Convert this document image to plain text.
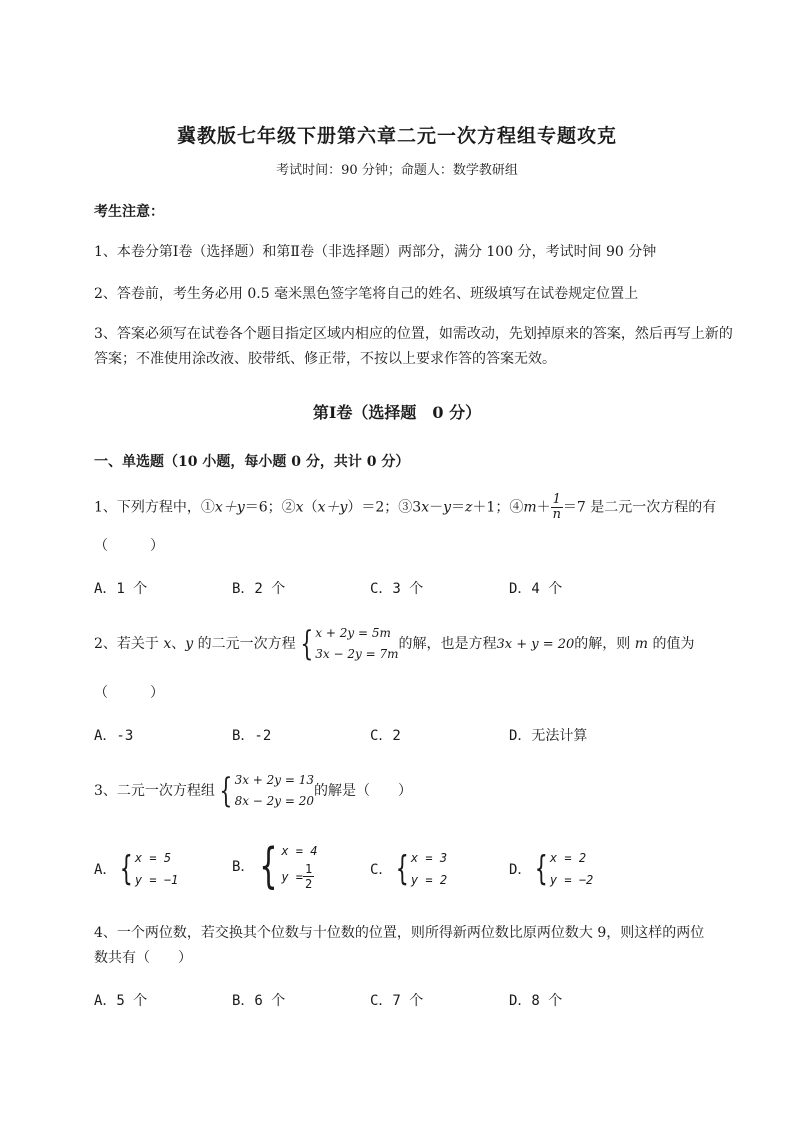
冀教版七年级下册第六章二元一次方程组专题攻克
考试时间：90 分钟；命题人：数学教研组
考生注意：
1、本卷分第Ⅰ卷（选择题）和第Ⅱ卷（非选择题）两部分，满分 100 分，考试时间 90 分钟
2、答卷前，考生务必用 0.5 毫米黑色签字笔将自己的姓名、班级填写在试卷规定位置上
3、答案必须写在试卷各个题目指定区域内相应的位置，如需改动，先划掉原来的答案，然后再写上新的答案；不准使用涂改液、胶带纸、修正带，不按以上要求作答的答案无效。
第Ⅰ卷（选择题　0 分）
一、单选题（10 小题，每小题 0 分，共计 0 分）
1、下列方程中，①x＋y＝6；②x（x＋y）＝2；③3x－y＝z＋1；④m＋ $\frac{1}{n} =7$ 是二元一次方程的有
（　　　）
A．1 个	B．2 个	C．3 个	D．4 个
2、若关于 x、y 的二元一次方程 { x + 2y = 5m
3x − 2y = 7m
的解，也是方程3x + y = 20的解，则 m 的值为
（　　　）
A．-3	B．-2	C．2	D．无法计算
3、二元一次方程组 { 3x + 2y = 13
8x − 2y = 20
的解是（　　）
A． { x = 5
y = −1
B． { x = 4
$y = \frac{1}{2}$	C． { x = 3
y = 2
D． { x = 2
y = −2
4、一个两位数，若交换其个位数与十位数的位置，则所得新两位数比原两位数大 9，则这样的两位
数共有（　　）
A．5 个	B．6 个	C．7 个	D．8 个
